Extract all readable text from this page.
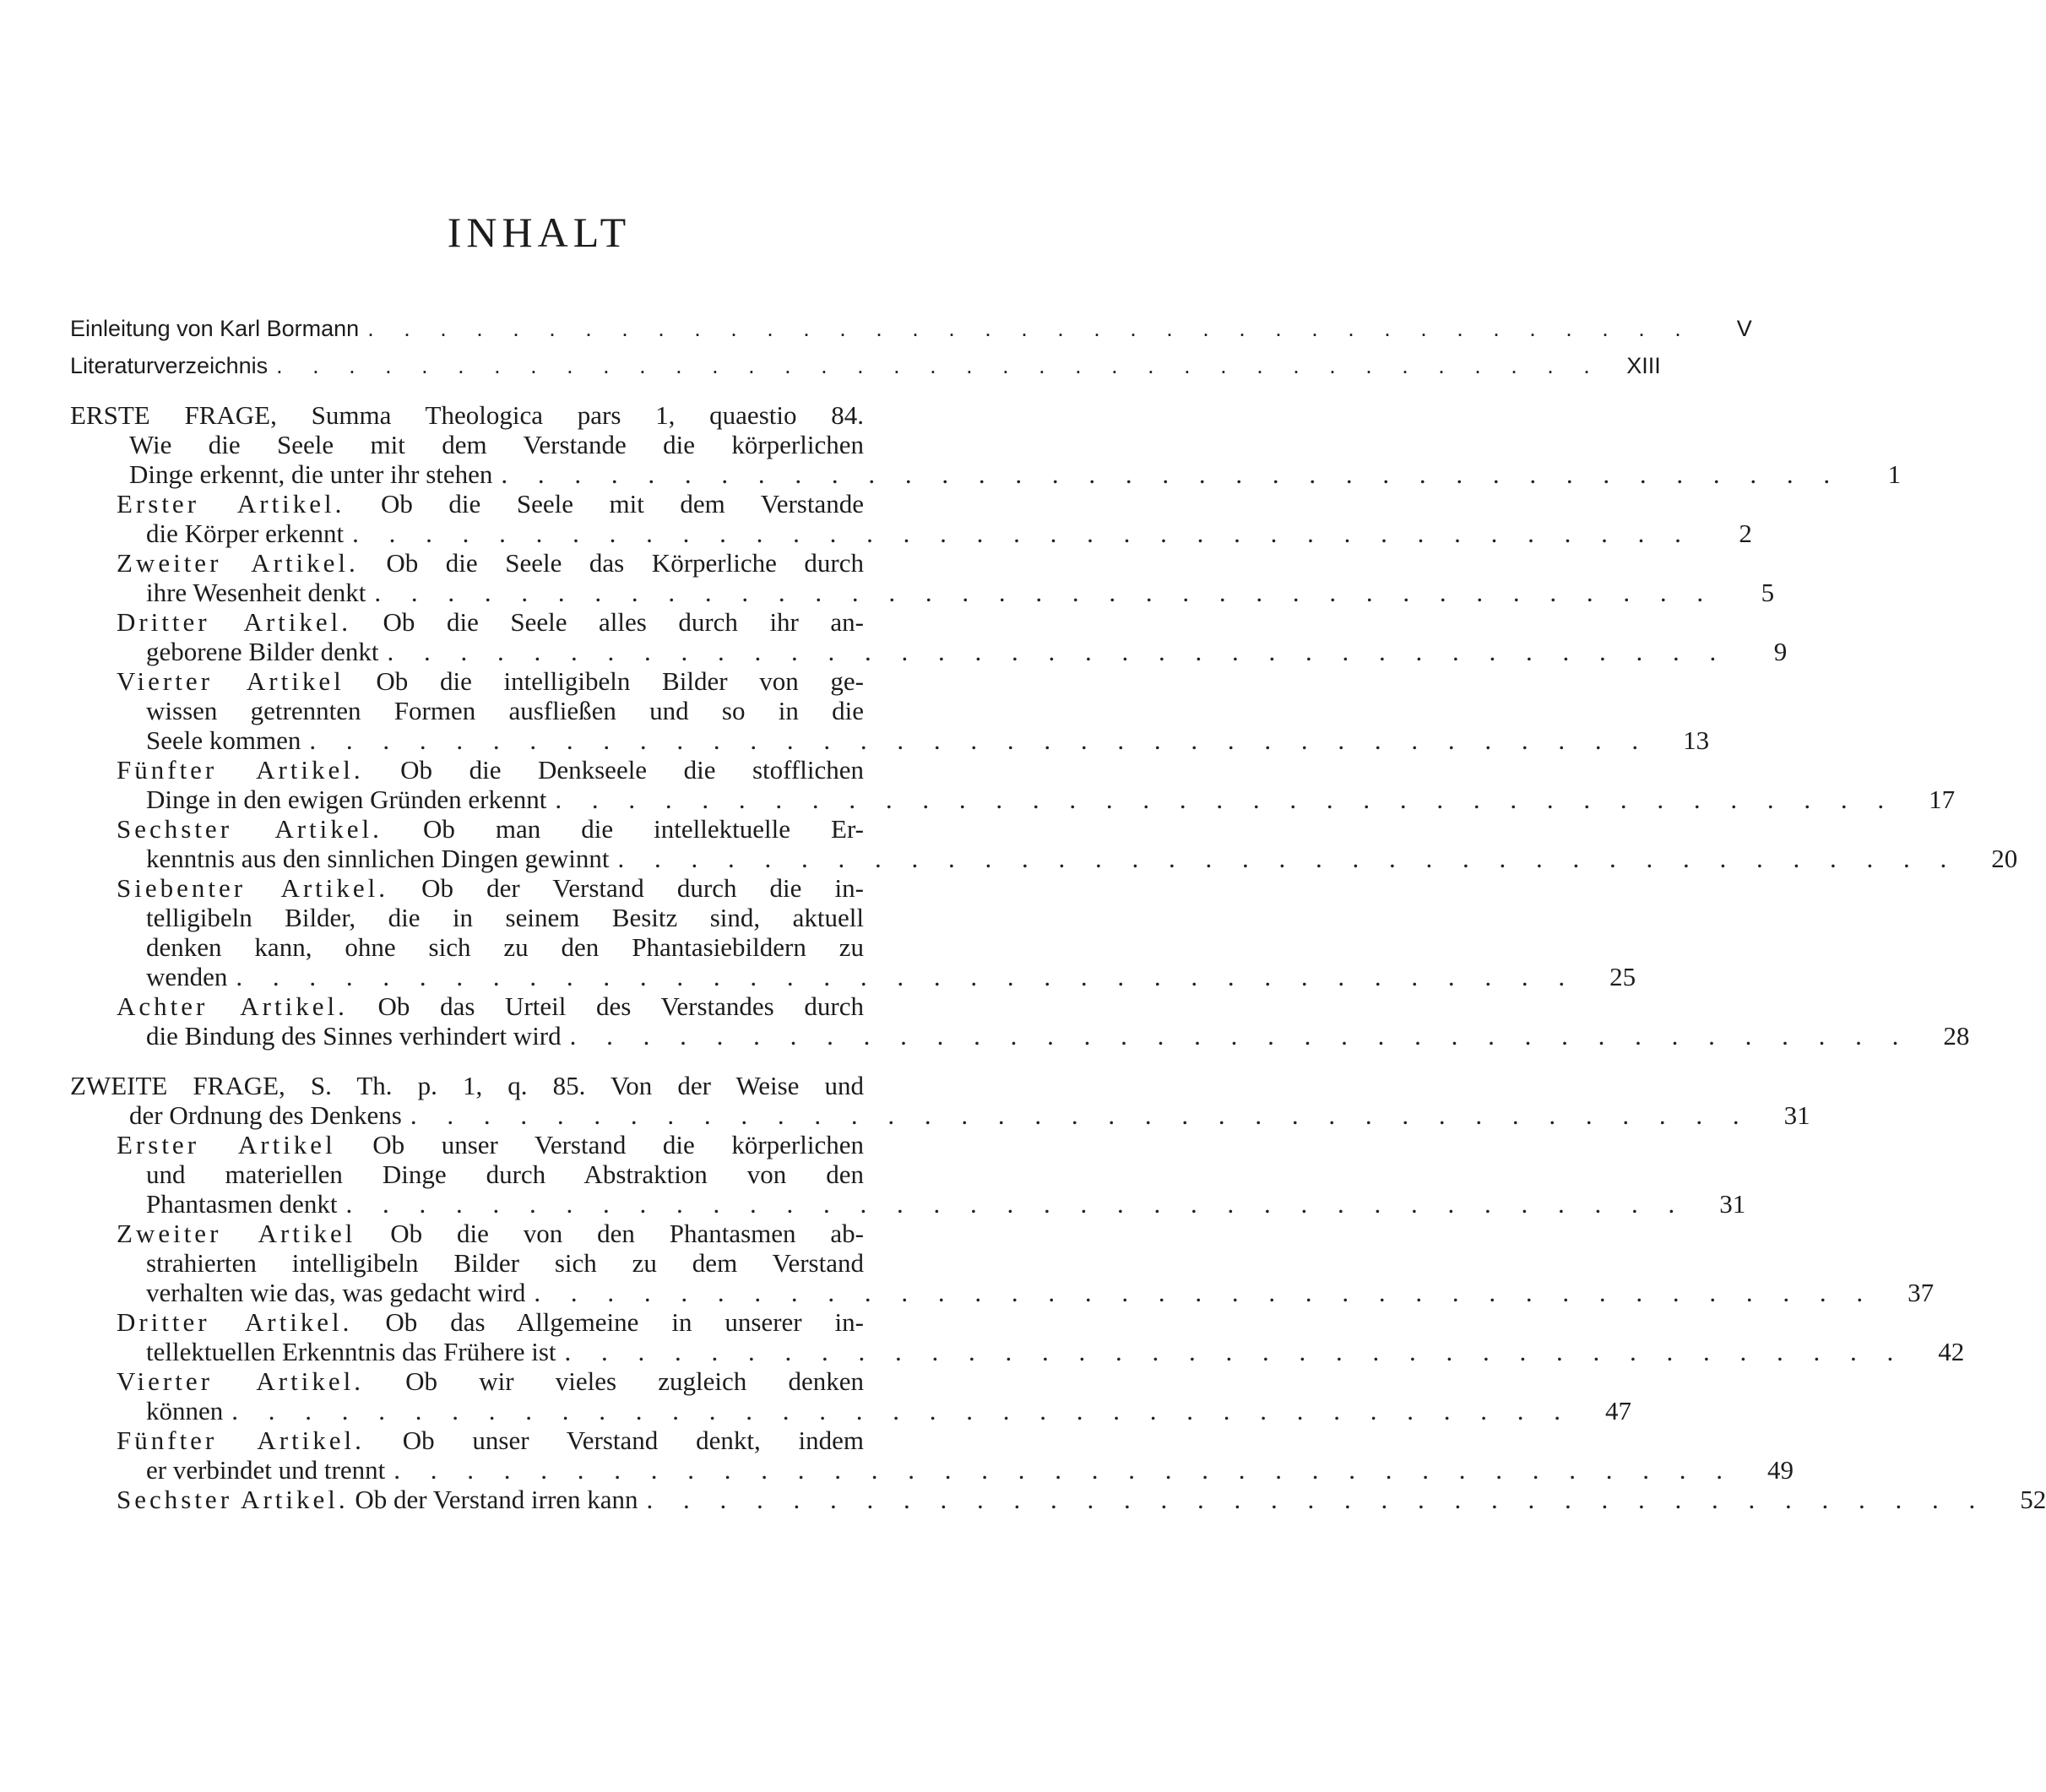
INHALT
Einleitung von Karl Bormann . . . . . . . . . . . . . . . . . . . . . . . . . . . . . . . . . . . . .	V
Literaturverzeichnis . . . . . . . . . . . . . . . . . . . . . . . . . . . . . . . . . . . . .	XIII
ERSTE FRAGE, Summa Theologica pars 1, quaestio 84.
Wie die Seele mit dem Verstande die körperlichen
Dinge erkennt, die unter ihr stehen . . . . . . . . . . . . . . . . . . . . . . . . . . . . . . . . . . . . .	1
Erster Artikel. Ob die Seele mit dem Verstande
die Körper erkennt . . . . . . . . . . . . . . . . . . . . . . . . . . . . . . . . . . . . .	2
Zweiter Artikel. Ob die Seele das Körperliche durch
ihre Wesenheit denkt . . . . . . . . . . . . . . . . . . . . . . . . . . . . . . . . . . . . .	5
Dritter Artikel. Ob die Seele alles durch ihr an-
geborene Bilder denkt . . . . . . . . . . . . . . . . . . . . . . . . . . . . . . . . . . . . .	9
Vierter Artikel Ob die intelligibeln Bilder von ge-
wissen getrennten Formen ausfließen und so in die
Seele kommen . . . . . . . . . . . . . . . . . . . . . . . . . . . . . . . . . . . . .	13
Fünfter Artikel. Ob die Denkseele die stofflichen
Dinge in den ewigen Gründen erkennt . . . . . . . . . . . . . . . . . . . . . . . . . . . . . . . . . . . . .	17
Sechster Artikel. Ob man die intellektuelle Er-
kenntnis aus den sinnlichen Dingen gewinnt . . . . . . . . . . . . . . . . . . . . . . . . . . . . . . . . . . . . .	20
Siebenter Artikel. Ob der Verstand durch die in-
telligibeln Bilder, die in seinem Besitz sind, aktuell
denken kann, ohne sich zu den Phantasiebildern zu
wenden . . . . . . . . . . . . . . . . . . . . . . . . . . . . . . . . . . . . .	25
Achter Artikel. Ob das Urteil des Verstandes durch
die Bindung des Sinnes verhindert wird . . . . . . . . . . . . . . . . . . . . . . . . . . . . . . . . . . . . .	28
ZWEITE FRAGE, S. Th. p. 1, q. 85. Von der Weise und
der Ordnung des Denkens . . . . . . . . . . . . . . . . . . . . . . . . . . . . . . . . . . . . .	31
Erster Artikel Ob unser Verstand die körperlichen
und materiellen Dinge durch Abstraktion von den
Phantasmen denkt . . . . . . . . . . . . . . . . . . . . . . . . . . . . . . . . . . . . .	31
Zweiter Artikel Ob die von den Phantasmen ab-
strahierten intelligibeln Bilder sich zu dem Verstand
verhalten wie das, was gedacht wird . . . . . . . . . . . . . . . . . . . . . . . . . . . . . . . . . . . . .	37
Dritter Artikel. Ob das Allgemeine in unserer in-
tellektuellen Erkenntnis das Frühere ist . . . . . . . . . . . . . . . . . . . . . . . . . . . . . . . . . . . . .	42
Vierter Artikel. Ob wir vieles zugleich denken
können . . . . . . . . . . . . . . . . . . . . . . . . . . . . . . . . . . . . .	47
Fünfter Artikel. Ob unser Verstand denkt, indem
er verbindet und trennt . . . . . . . . . . . . . . . . . . . . . . . . . . . . . . . . . . . . .	49
Sechster Artikel. Ob der Verstand irren kann . . . . . . . . . . . . . . . . . . . . . . . . . . . . . . . . . . . . .	52
